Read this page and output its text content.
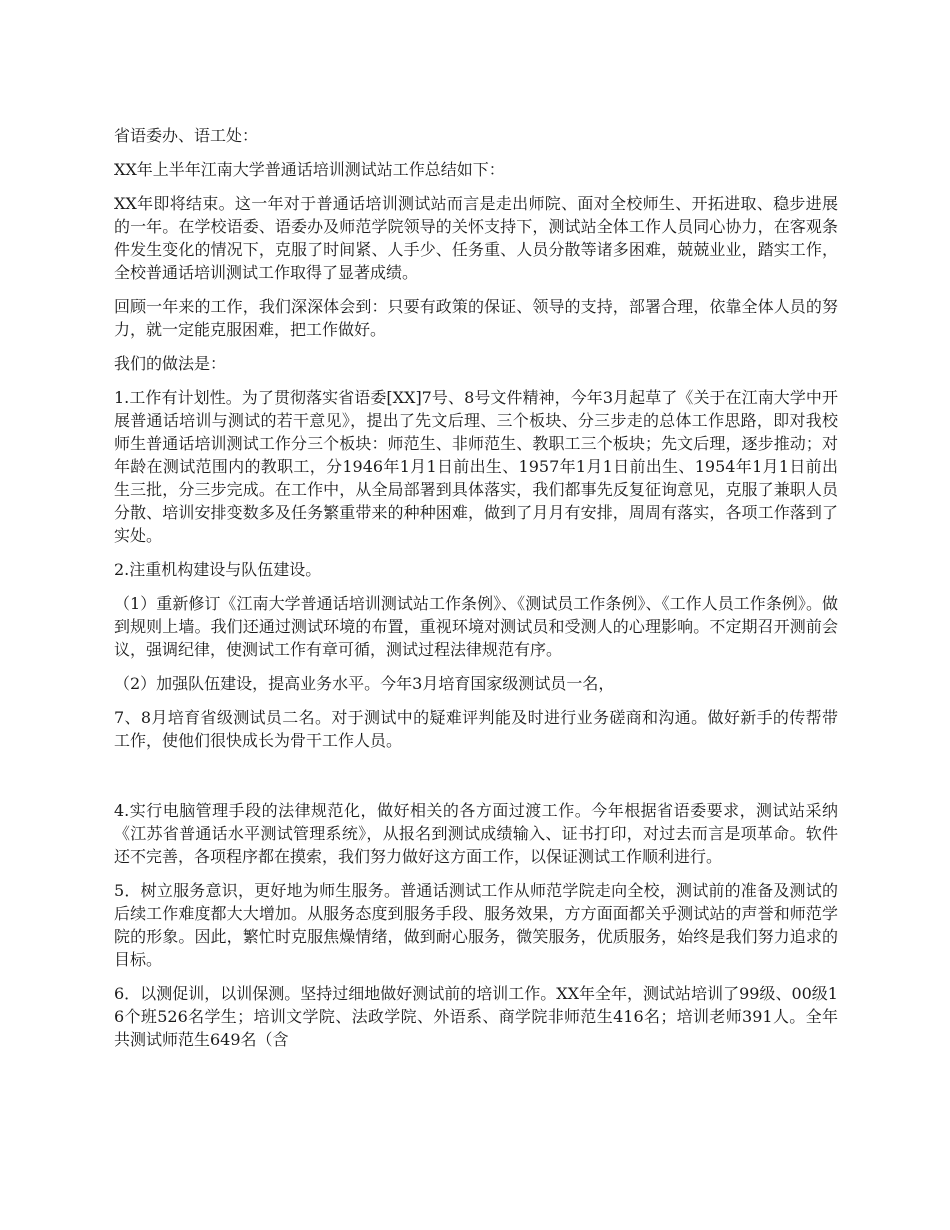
省语委办、语工处：

XX年上半年江南大学普通话培训测试站工作总结如下：

XX年即将结束。这一年对于普通话培训测试站而言是走出师院、面对全校师生、开拓进取、稳步进展的一年。在学校语委、语委办及师范学院领导的关怀支持下，测试站全体工作人员同心协力，在客观条件发生变化的情况下，克服了时间紧、人手少、任务重、人员分散等诸多困难，兢兢业业，踏实工作，全校普通话培训测试工作取得了显著成绩。

回顾一年来的工作，我们深深体会到：只要有政策的保证、领导的支持，部署合理，依靠全体人员的努力，就一定能克服困难，把工作做好。

我们的做法是：

1.工作有计划性。为了贯彻落实省语委[XX]7号、8号文件精神，今年3月起草了《关于在江南大学中开展普通话培训与测试的若干意见》，提出了先文后理、三个板块、分三步走的总体工作思路，即对我校师生普通话培训测试工作分三个板块：师范生、非师范生、教职工三个板块；先文后理，逐步推动；对年龄在测试范围内的教职工，分1946年1月1日前出生、1957年1月1日前出生、1954年1月1日前出生三批，分三步完成。在工作中，从全局部署到具体落实，我们都事先反复征询意见，克服了兼职人员分散、培训安排变数多及任务繁重带来的种种困难，做到了月月有安排，周周有落实，各项工作落到了实处。

2.注重机构建设与队伍建设。

（1）重新修订《江南大学普通话培训测试站工作条例》、《测试员工作条例》、《工作人员工作条例》。做到规则上墙。我们还通过测试环境的布置，重视环境对测试员和受测人的心理影响。不定期召开测前会议，强调纪律，使测试工作有章可循，测试过程法律规范有序。

（2）加强队伍建设，提高业务水平。今年3月培育国家级测试员一名，

7、8月培育省级测试员二名。对于测试中的疑难评判能及时进行业务磋商和沟通。做好新手的传帮带工作，使他们很快成长为骨干工作人员。

4.实行电脑管理手段的法律规范化，做好相关的各方面过渡工作。今年根据省语委要求，测试站采纳《江苏省普通话水平测试管理系统》，从报名到测试成绩输入、证书打印，对过去而言是项革命。软件还不完善，各项程序都在摸索，我们努力做好这方面工作，以保证测试工作顺利进行。

5．树立服务意识，更好地为师生服务。普通话测试工作从师范学院走向全校，测试前的准备及测试的后续工作难度都大大增加。从服务态度到服务手段、服务效果，方方面面都关乎测试站的声誉和师范学院的形象。因此，繁忙时克服焦燥情绪，做到耐心服务，微笑服务，优质服务，始终是我们努力追求的目标。

6．以测促训，以训保测。坚持过细地做好测试前的培训工作。XX年全年，测试站培训了99级、00级16个班526名学生；培训文学院、法政学院、外语系、商学院非师范生416名；培训老师391人。全年共测试师范生649名（含
